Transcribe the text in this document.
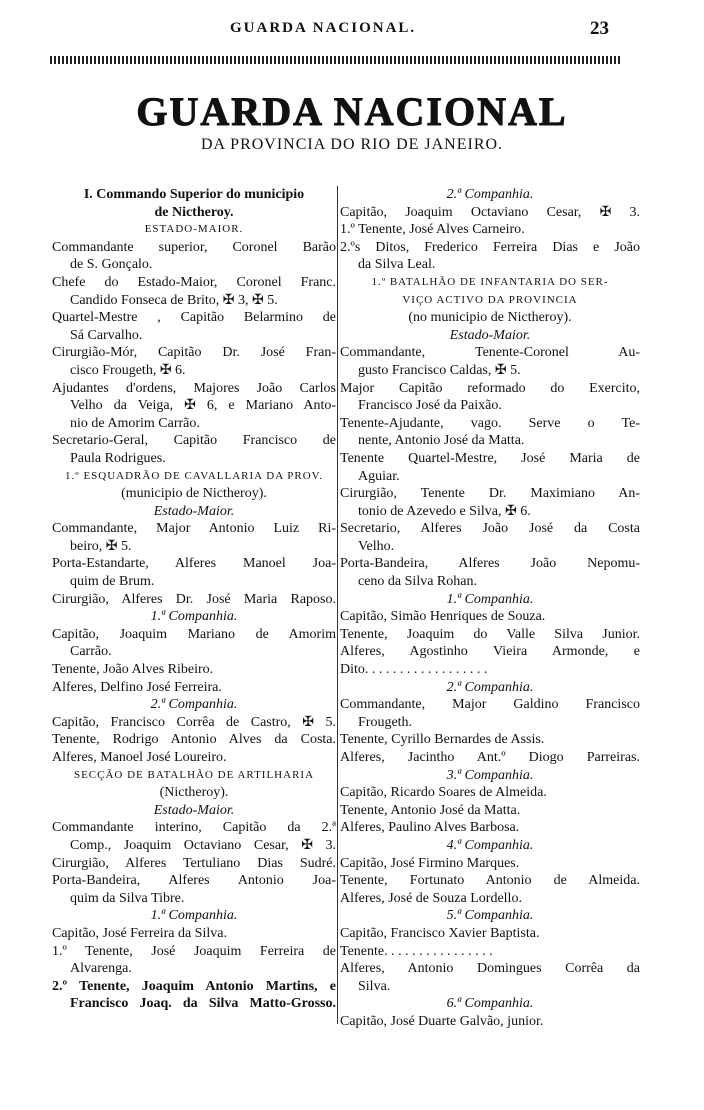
GUARDA NACIONAL.	23
GUARDA NACIONAL
DA PROVINCIA DO RIO DE JANEIRO.
I. Commando Superior do municipio
de Nictheroy.
ESTADO-MAIOR.
Commandante superior, Coronel Barão
de S. Gonçalo.
Chefe do Estado-Maior, Coronel Franc.
Candido Fonseca de Brito, ✠ 3, ✠ 5.
Quartel-Mestre , Capitão Belarmino de
Sá Carvalho.
Cirurgião-Mór, Capitão Dr. José Fran-
cisco Frougeth, ✠ 6.
Ajudantes d'ordens, Majores João Carlos
Velho da Veiga, ✠ 6, e Mariano Anto-
nio de Amorim Carrão.
Secretario-Geral, Capitão Francisco de
Paula Rodrigues.
1.º ESQUADRÃO DE CAVALLARIA DA PROV.
(municipio de Nictheroy).
Estado-Maior.
Commandante, Major Antonio Luiz Ri-
beiro, ✠ 5.
Porta-Estandarte, Alferes Manoel Joa-
quim de Brum.
Cirurgião, Alferes Dr. José Maria Raposo.
1.ª Companhia.
Capitão, Joaquim Mariano de Amorim
Carrão.
Tenente, João Alves Ribeiro.
Alferes, Delfino José Ferreira.
2.ª Companhia.
Capitão, Francisco Corrêa de Castro, ✠ 5.
Tenente, Rodrigo Antonio Alves da Costa.
Alferes, Manoel José Loureiro.
SECÇÃO DE BATALHÃO DE ARTILHARIA
(Nictheroy).
Estado-Maior.
Commandante interino, Capitão da 2.ª
Comp., Joaquim Octaviano Cesar, ✠ 3.
Cirurgião, Alferes Tertuliano Dias Sudré.
Porta-Bandeira, Alferes Antonio Joa-
quim da Silva Tibre.
1.ª Companhia.
Capitão, José Ferreira da Silva.
1.º Tenente, José Joaquim Ferreira de
Alvarenga.
2.º Tenente, Joaquim Antonio Martins, e
Francisco Joaq. da Silva Matto-Grosso.
2.ª Companhia.
Capitão, Joaquim Octaviano Cesar, ✠ 3.
1.º Tenente, José Alves Carneiro.
2.ºs Ditos, Frederico Ferreira Dias e João
da Silva Leal.
1.º BATALHÃO DE INFANTARIA DO SER-
VIÇO ACTIVO DA PROVINCIA
(no municipio de Nictheroy).
Estado-Maior.
Commandante, Tenente-Coronel Au-
gusto Francisco Caldas, ✠ 5.
Major Capitão reformado do Exercito,
Francisco José da Paixão.
Tenente-Ajudante, vago. Serve o Te-
nente, Antonio José da Matta.
Tenente Quartel-Mestre, José Maria de
Aguiar.
Cirurgião, Tenente Dr. Maximiano An-
tonio de Azevedo e Silva, ✠ 6.
Secretario, Alferes João José da Costa
Velho.
Porta-Bandeira, Alferes João Nepomu-
ceno da Silva Rohan.
1.ª Companhia.
Capitão, Simão Henriques de Souza.
Tenente, Joaquim do Valle Silva Junior.
Alferes, Agostinho Vieira Armonde, e
Dito. . . . . . . . . . . . . . . . . .
2.ª Companhia.
Commandante, Major Galdino Francisco
Frougeth.
Tenente, Cyrillo Bernardes de Assis.
Alferes, Jacintho Ant.º Diogo Parreiras.
3.ª Companhia.
Capitão, Ricardo Soares de Almeida.
Tenente, Antonio José da Matta.
Alferes, Paulino Alves Barbosa.
4.ª Companhia.
Capitão, José Firmino Marques.
Tenente, Fortunato Antonio de Almeida.
Alferes, José de Souza Lordello.
5.ª Companhia.
Capitão, Francisco Xavier Baptista.
Tenente. . . . . . . . . . . . . . . .
Alferes, Antonio Domingues Corrêa da
Silva.
6.ª Companhia.
Capitão, José Duarte Galvão, junior.
